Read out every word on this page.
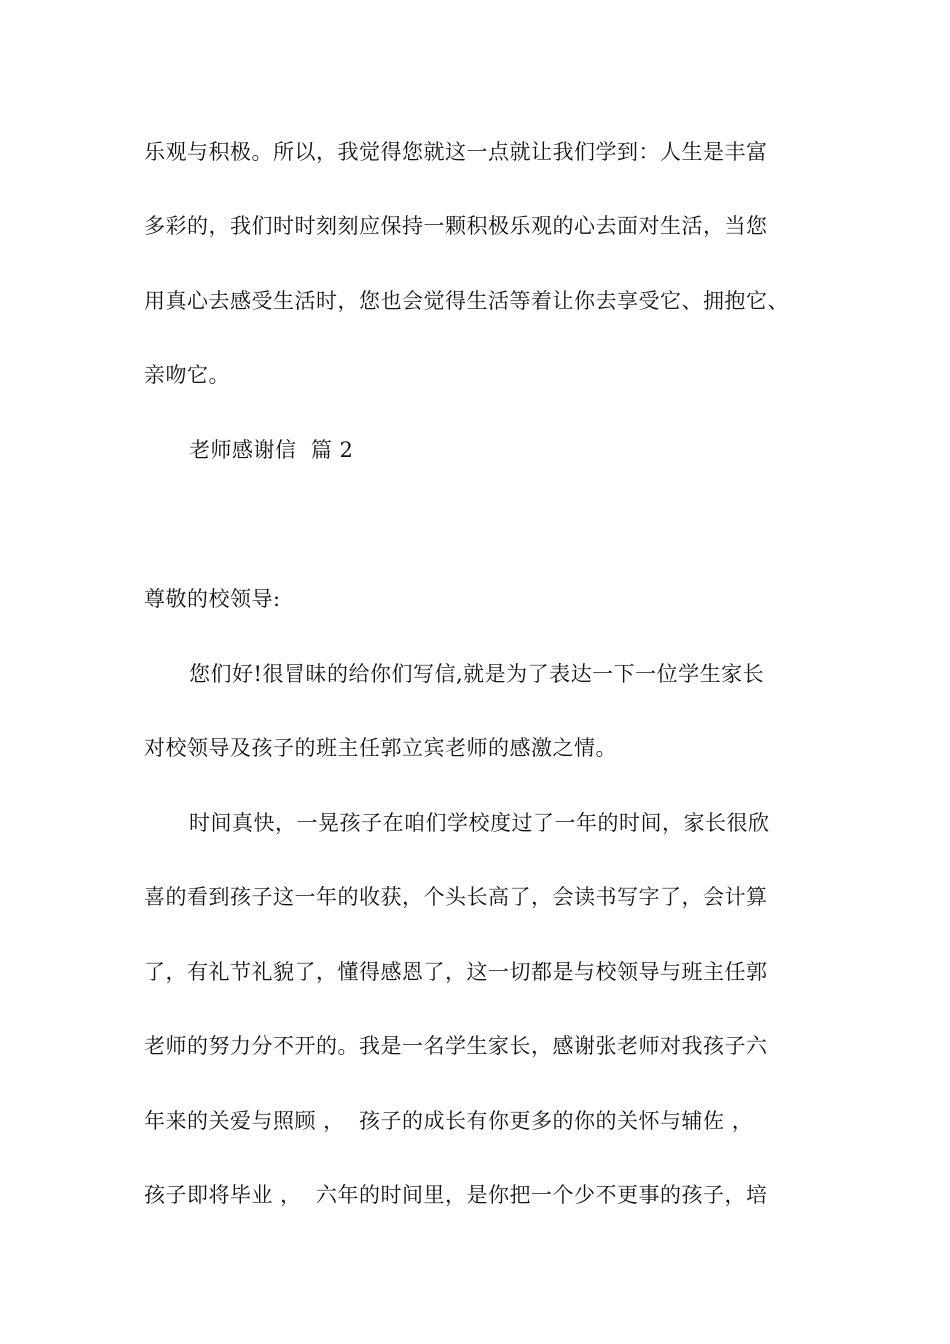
乐观与积极。所以，我觉得您就这一点就让我们学到：人生是丰富
多彩的，我们时时刻刻应保持一颗积极乐观的心去面对生活，当您
用真心去感受生活时，您也会觉得生活等着让你去享受它、拥抱它、
亲吻它。
老师感谢信  篇 2
尊敬的校领导:
您们好!很冒昧的给你们写信,就是为了表达一下一位学生家长
对校领导及孩子的班主任郭立宾老师的感激之情。
时间真快，一晃孩子在咱们学校度过了一年的时间，家长很欣
喜的看到孩子这一年的收获，个头长高了，会读书写字了，会计算
了，有礼节礼貌了，懂得感恩了，这一切都是与校领导与班主任郭
老师的努力分不开的。我是一名学生家长，感谢张老师对我孩子六
年来的关爱与照顾 ，  孩子的成长有你更多的你的关怀与辅佐 ，
孩子即将毕业 ，  六年的时间里，是你把一个少不更事的孩子，培
